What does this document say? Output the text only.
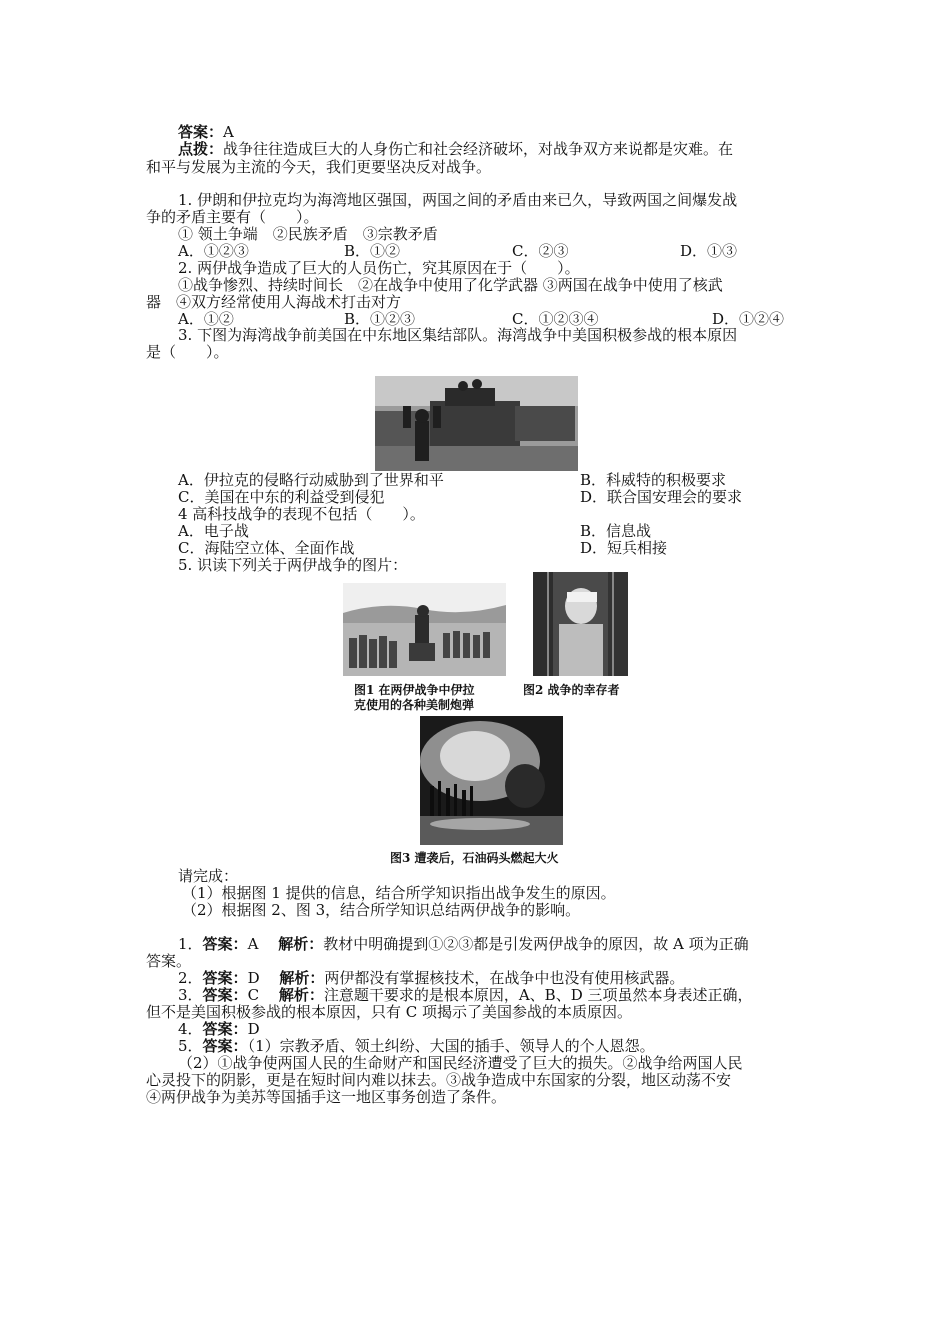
答案：A
点拨：战争往往造成巨大的人身伤亡和社会经济破坏，对战争双方来说都是灾难。在
和平与发展为主流的今天，我们更要坚决反对战争。
1. 伊朗和伊拉克均为海湾地区强国，两国之间的矛盾由来已久，导致两国之间爆发战
争的矛盾主要有（　　）。
① 领土争端　②民族矛盾　③宗教矛盾
A．①②③	B．①②	C．②③	D．①③
2. 两伊战争造成了巨大的人员伤亡，究其原因在于（　　）。
①战争惨烈、持续时间长　②在战争中使用了化学武器 ③两国在战争中使用了核武
器　④双方经常使用人海战术打击对方
A．①②	B．①②③	C．①②③④	D．①②④
3. 下图为海湾战争前美国在中东地区集结部队。海湾战争中美国积极参战的根本原因
是（　　）。
A．伊拉克的侵略行动威胁到了世界和平	B．科威特的积极要求
C．美国在中东的利益受到侵犯	D．联合国安理会的要求
4 高科技战争的表现不包括（　　）。
A．电子战	B．信息战
C．海陆空立体、全面作战	D．短兵相接
5. 识读下列关于两伊战争的图片：
图1 在两伊战争中伊拉
克使用的各种美制炮弹
图2 战争的幸存者
图3 遭袭后，石油码头燃起大火
请完成：
（1）根据图 1 提供的信息，结合所学知识指出战争发生的原因。
（2）根据图 2、图 3，结合所学知识总结两伊战争的影响。
1．答案：A　 解析：教材中明确提到①②③都是引发两伊战争的原因，故 A 项为正确
答案。
2．答案：D　 解析：两伊都没有掌握核技术，在战争中也没有使用核武器。
3．答案：C　 解析：注意题干要求的是根本原因，A、B、D 三项虽然本身表述正确，
但不是美国积极参战的根本原因，只有 C 项揭示了美国参战的本质原因。
4．答案：D
5．答案：（1）宗教矛盾、领土纠纷、大国的插手、领导人的个人恩怨。
（2）①战争使两国人民的生命财产和国民经济遭受了巨大的损失。②战争给两国人民
心灵投下的阴影，更是在短时间内难以抹去。③战争造成中东国家的分裂，地区动荡不安
④两伊战争为美苏等国插手这一地区事务创造了条件。
